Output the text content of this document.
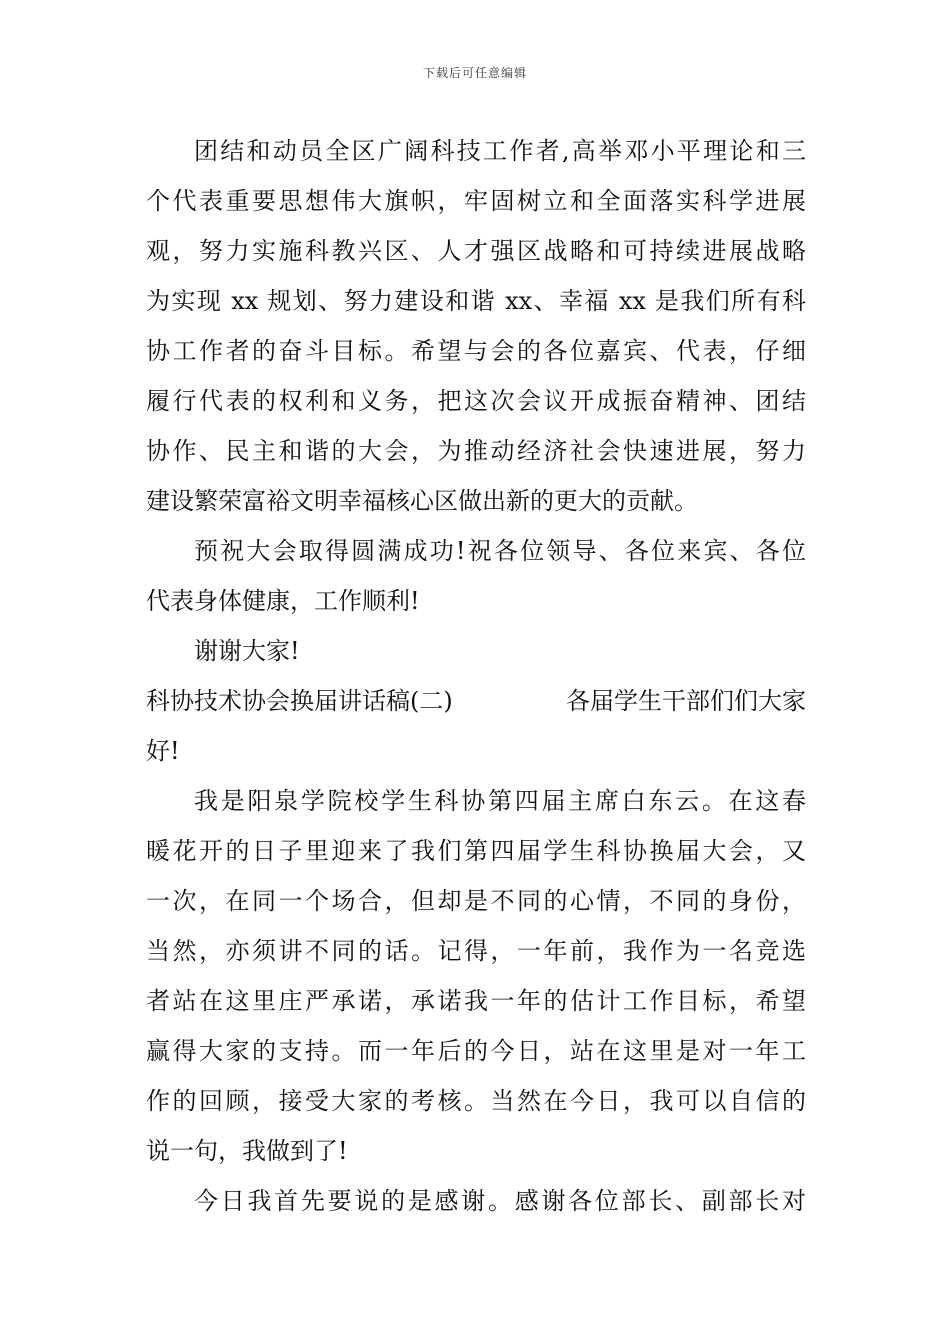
下载后可任意编辑
团结和动员全区广阔科技工作者,高举邓小平理论和三
个代表重要思想伟大旗帜，牢固树立和全面落实科学进展
观，努力实施科教兴区、人才强区战略和可持续进展战略
为实现 xx 规划、努力建设和谐 xx、幸福 xx 是我们所有科
协工作者的奋斗目标。希望与会的各位嘉宾、代表，仔细
履行代表的权利和义务，把这次会议开成振奋精神、团结
协作、民主和谐的大会，为推动经济社会快速进展，努力
建设繁荣富裕文明幸福核心区做出新的更大的贡献。
预祝大会取得圆满成功!祝各位领导、各位来宾、各位
代表身体健康，工作顺利!
谢谢大家!
科协技术协会换届讲话稿(二)	各届学生干部们们大家
好!
我是阳泉学院校学生科协第四届主席白东云。在这春
暖花开的日子里迎来了我们第四届学生科协换届大会，又
一次，在同一个场合，但却是不同的心情，不同的身份，
当然，亦须讲不同的话。记得，一年前，我作为一名竞选
者站在这里庄严承诺，承诺我一年的估计工作目标，希望
赢得大家的支持。而一年后的今日，站在这里是对一年工
作的回顾，接受大家的考核。当然在今日，我可以自信的
说一句，我做到了!
今日我首先要说的是感谢。感谢各位部长、副部长对
